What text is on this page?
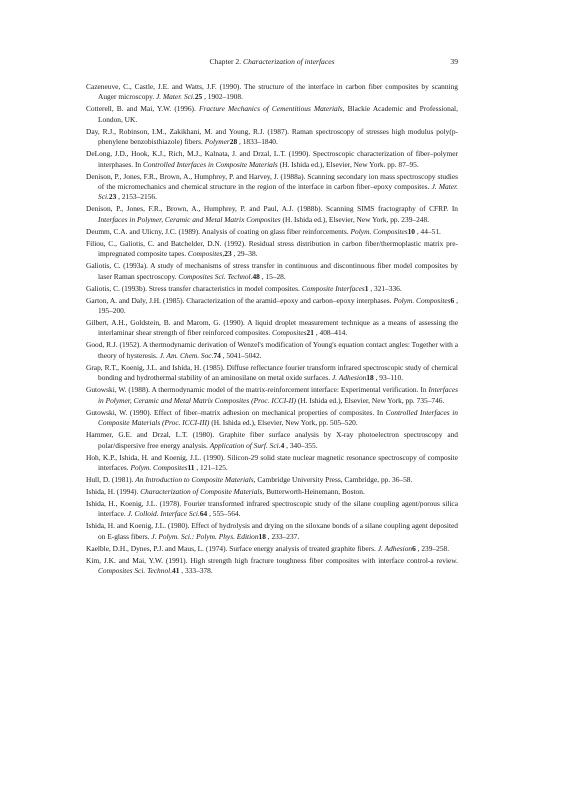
Chapter 2. Characterization of interfaces	39
Cazeneuve, C., Castle, J.E. and Watts, J.F. (1990). The structure of the interface in carbon fiber composites by scanning Auger microscopy. J. Mater. Sci.25 , 1902–1908.
Cotterell, B. and Mai, Y.W. (1996). Fracture Mechanics of Cementitious Materials, Blackie Academic and Professional, London, UK.
Day, R.J., Robinson, I.M., Zakikhani, M. and Young, R.J. (1987). Raman spectroscopy of stresses high modulus poly(p-phenylene benzobisthiazole) fibers. Polymer28 , 1833–1840.
DeLong, J.D., Hook, K.J., Rich, M.J., Kalnata, J. and Drzal, L.T. (1990). Spectroscopic characterization of fiber–polymer interphases. In Controlled Interfaces in Composite Materials (H. Ishida ed.), Elsevier, New York. pp. 87–95.
Denison, P., Jones, F.R., Brown, A., Humphrey, P. and Harvey, J. (1988a). Scanning secondary ion mass spectroscopy studies of the micromechanics and chemical structure in the region of the interface in carbon fiber–epoxy composites. J. Mater. Sci.23 , 2153–2156.
Denison, P., Jones, F.R., Brown, A., Humphrey, P. and Paul, A.J. (1988b). Scanning SIMS fractography of CFRP. In Interfaces in Polymer, Ceramic and Metal Matrix Composites (H. Ishida ed.), Elsevier, New York, pp. 239–248.
Deumm, C.A. and Ulicny, J.C. (1989). Analysis of coating on glass fiber reinforcements. Polym. Composites10 , 44–51.
Filiou, C., Galiotis, C. and Batchelder, D.N. (1992). Residual stress distribution in carbon fiber/thermoplastic matrix pre-impregnated composite tapes. Composites,23 , 29–38.
Galiotis, C. (1993a). A study of mechanisms of stress transfer in continuous and discontinuous fiber model composites by laser Raman spectroscopy. Composites Sci. Technol.48 , 15–28.
Galiotis, C. (1993b). Stress transfer characteristics in model composites. Composite Interfaces1 , 321–336.
Garton, A. and Daly, J.H. (1985). Characterization of the aramid–epoxy and carbon–epoxy interphases. Polym. Composites6 , 195–200.
Gilbert, A.H., Goldstein, B. and Marom, G. (1990). A liquid droplet measurement technique as a means of assessing the interlaminar shear strength of fiber reinforced composites. Composites21 , 408–414.
Good, R.J. (1952). A thermodynamic derivation of Wenzel's modification of Young's equation contact angles: Together with a theory of hysteresis. J. Am. Chem. Soc.74 , 5041–5042.
Grap, R.T., Koenig, J.L. and Ishida, H. (1985). Diffuse reflectance fourier transform infrared spectroscopic study of chemical bonding and hydrothermal stability of an aminosilane on metal oxide surfaces. J. Adhesion18 , 93–110.
Gutowski, W. (1988). A thermodynamic model of the matrix-reinforcement interface: Experimental verification. In Interfaces in Polymer, Ceramic and Metal Matrix Composites (Proc. ICCI-II) (H. Ishida ed.), Elsevier, New York, pp. 735–746.
Gutowski, W. (1990). Effect of fiber–matrix adhesion on mechanical properties of composites. In Controlled Interfaces in Composite Materials (Proc. ICCI-III) (H. Ishida ed.), Elsevier, New York, pp. 505–520.
Hammer, G.E. and Drzal, L.T. (1980). Graphite fiber surface analysis by X-ray photoelectron spectroscopy and polar/dispersive free energy analysis. Application of Surf. Sci.4 , 340–355.
Hoh, K.P., Ishida, H. and Koenig, J.L. (1990). Silicon-29 solid state nuclear magnetic resonance spectroscopy of composite interfaces. Polym. Composites11 , 121–125.
Hull, D. (1981). An Introduction to Composite Materials, Cambridge University Press, Cambridge, pp. 36–58.
Ishida, H. (1994). Characterization of Composite Materials, Butterworth-Heinemann, Boston.
Ishida, H., Koenig, J.L. (1978). Fourier transformed infrared spectroscopic study of the silane coupling agent/porous silica interface. J. Colloid. Interface Sci.64 , 555–564.
Ishida, H. and Koenig, J.L. (1980). Effect of hydrolysis and drying on the siloxane bonds of a silane coupling agent deposited on E-glass fibers. J. Polym. Sci.: Polym. Phys. Edition18 , 233–237.
Kaelble, D.H., Dynes, P.J. and Maus, L. (1974). Surface energy analysis of treated graphite fibers. J. Adhesion6 , 239–258.
Kim, J.K. and Mai, Y.W. (1991). High strength high fracture toughness fiber composites with interface control-a review. Composites Sci. Technol.41 , 333–378.
